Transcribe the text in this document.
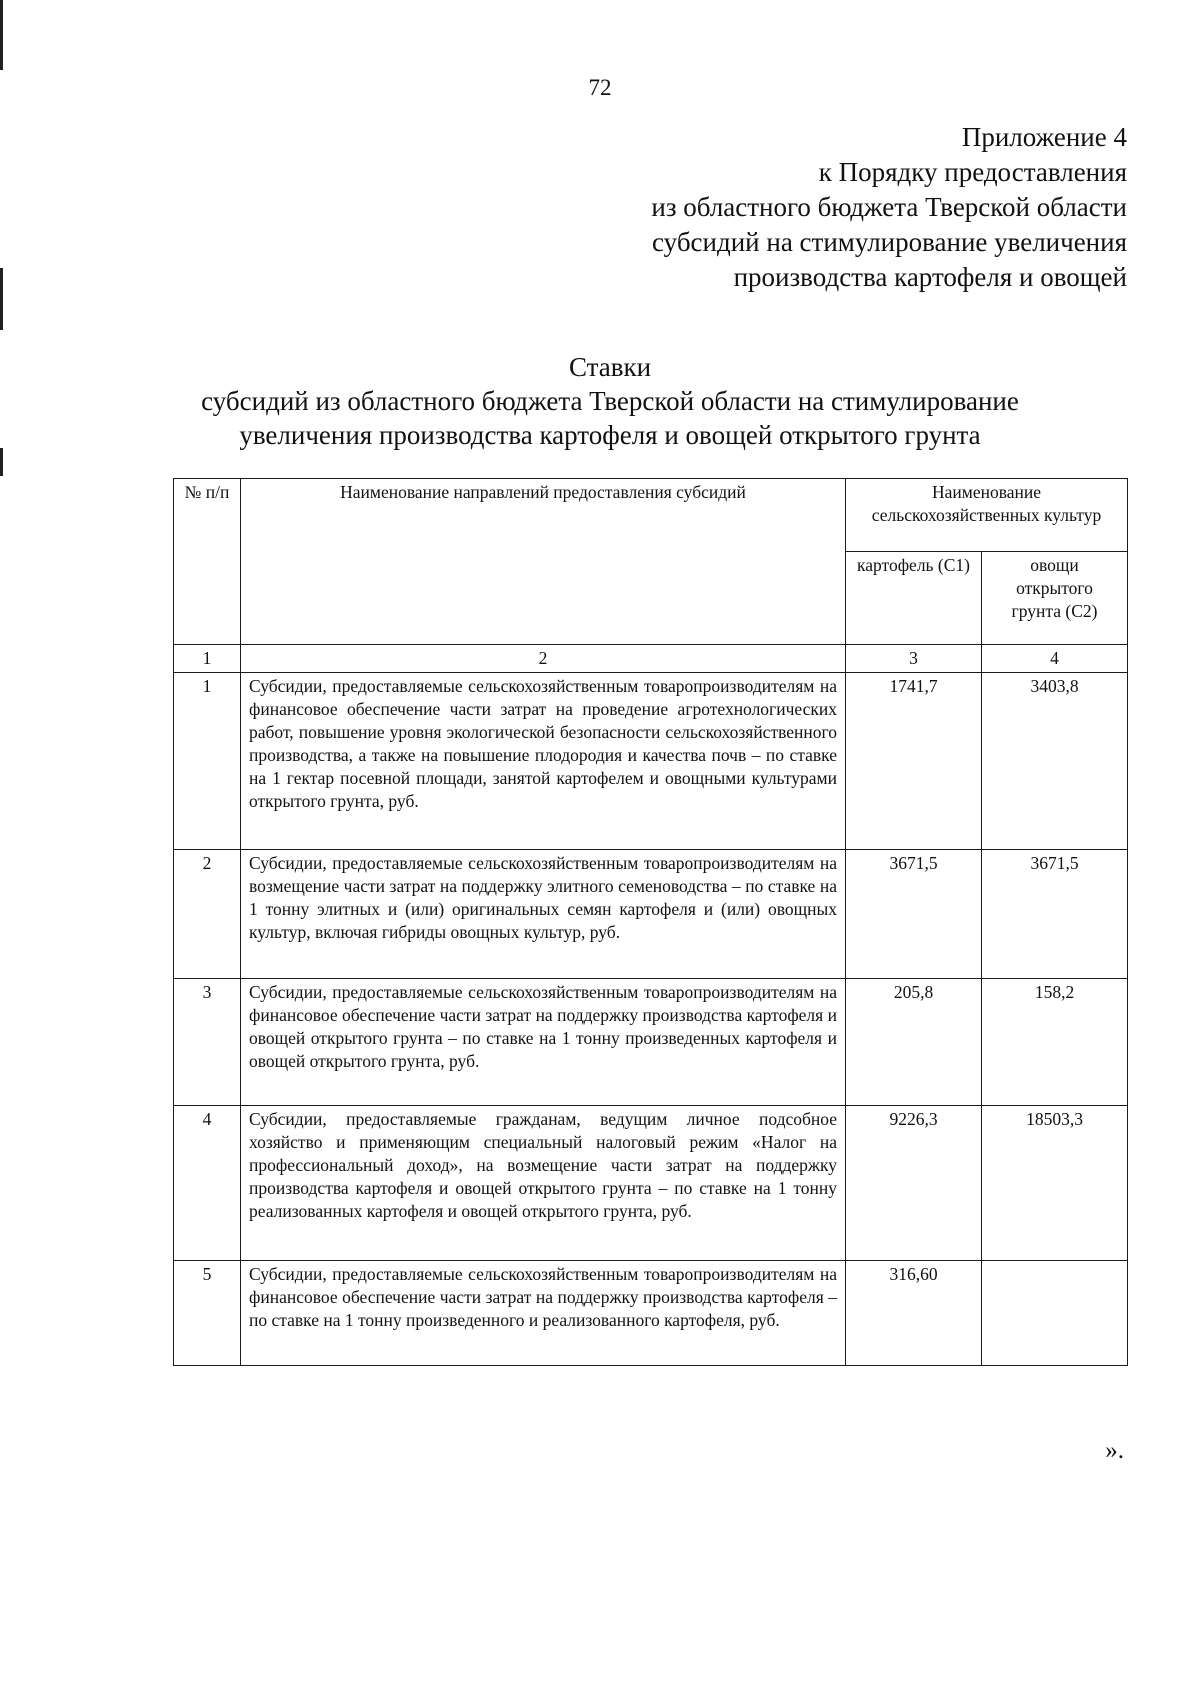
72
Приложение 4
к Порядку предоставления
из областного бюджета Тверской области
субсидий на стимулирование увеличения
производства картофеля и овощей
Ставки
субсидий из областного бюджета Тверской области на стимулирование
увеличения производства картофеля и овощей открытого грунта
№ п/п	Наименование направлений предоставления субсидий	Наименование сельскохозяйственных культур	
		картофель (С1)	овощи открытого грунта (С2)
1	2	3	4
1	Субсидии, предоставляемые сельскохозяйственным товаропроизводителям на финансовое обеспечение части затрат на проведение агротехнологических работ, повышение уровня экологической безопасности сельскохозяйственного производства, а также на повышение плодородия и качества почв – по ставке на 1 гектар посевной площади, занятой картофелем и овощными культурами открытого грунта, руб.	1741,7	3403,8
2	Субсидии, предоставляемые сельскохозяйственным товаропроизводителям на возмещение части затрат на поддержку элитного семеноводства – по ставке на 1 тонну элитных и (или) оригинальных семян картофеля и (или) овощных культур, включая гибриды овощных культур, руб.	3671,5	3671,5
3	Субсидии, предоставляемые сельскохозяйственным товаропроизводителям на финансовое обеспечение части затрат на поддержку производства картофеля и овощей открытого грунта – по ставке на 1 тонну произведенных картофеля и овощей открытого грунта, руб.	205,8	158,2
4	Субсидии, предоставляемые гражданам, ведущим личное подсобное хозяйство и применяющим специальный налоговый режим «Налог на профессиональный доход», на возмещение части затрат на поддержку производства картофеля и овощей открытого грунта – по ставке на 1 тонну реализованных картофеля и овощей открытого грунта, руб.	9226,3	18503,3
5	Субсидии, предоставляемые сельскохозяйственным товаропроизводителям на финансовое обеспечение части затрат на поддержку производства картофеля – по ставке на 1 тонну произведенного и реализованного картофеля, руб.	316,60	
».
